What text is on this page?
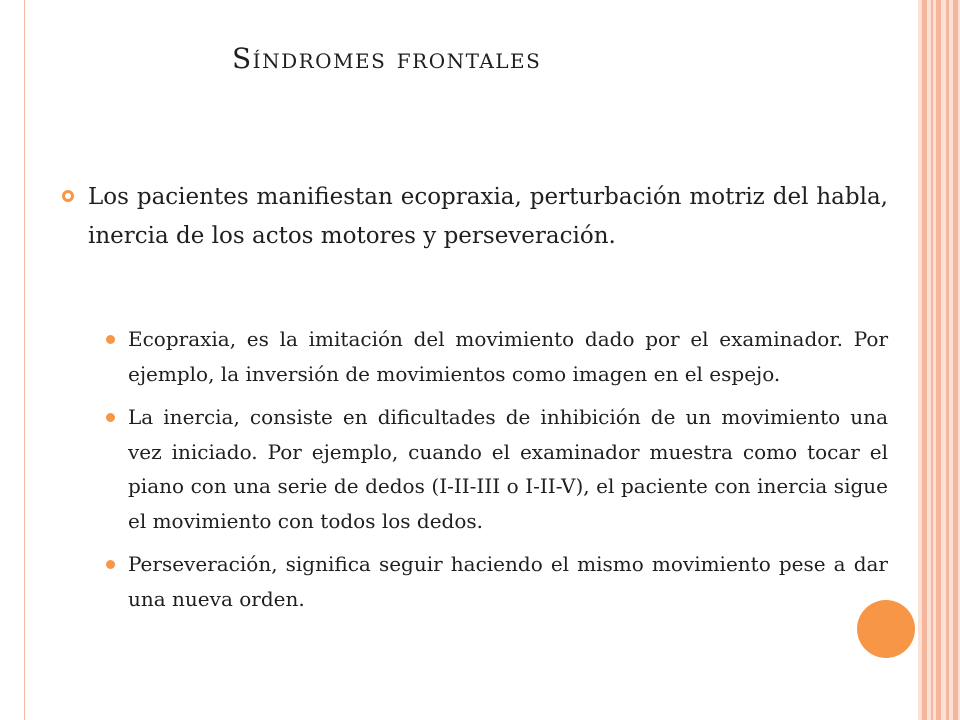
Síndromes frontales
Los pacientes manifiestan ecopraxia, perturbación motriz del habla, inercia de los actos motores y perseveración.
Ecopraxia, es la imitación del movimiento dado por el examinador. Por ejemplo, la inversión de movimientos como imagen en el espejo.
La inercia, consiste en dificultades de inhibición de un movimiento una vez iniciado. Por ejemplo, cuando el examinador muestra como tocar el piano con una serie de dedos (I-II-III o I-II-V), el paciente con inercia sigue el movimiento con todos los dedos.
Perseveración, significa seguir haciendo el mismo movimiento pese a dar una nueva orden.
